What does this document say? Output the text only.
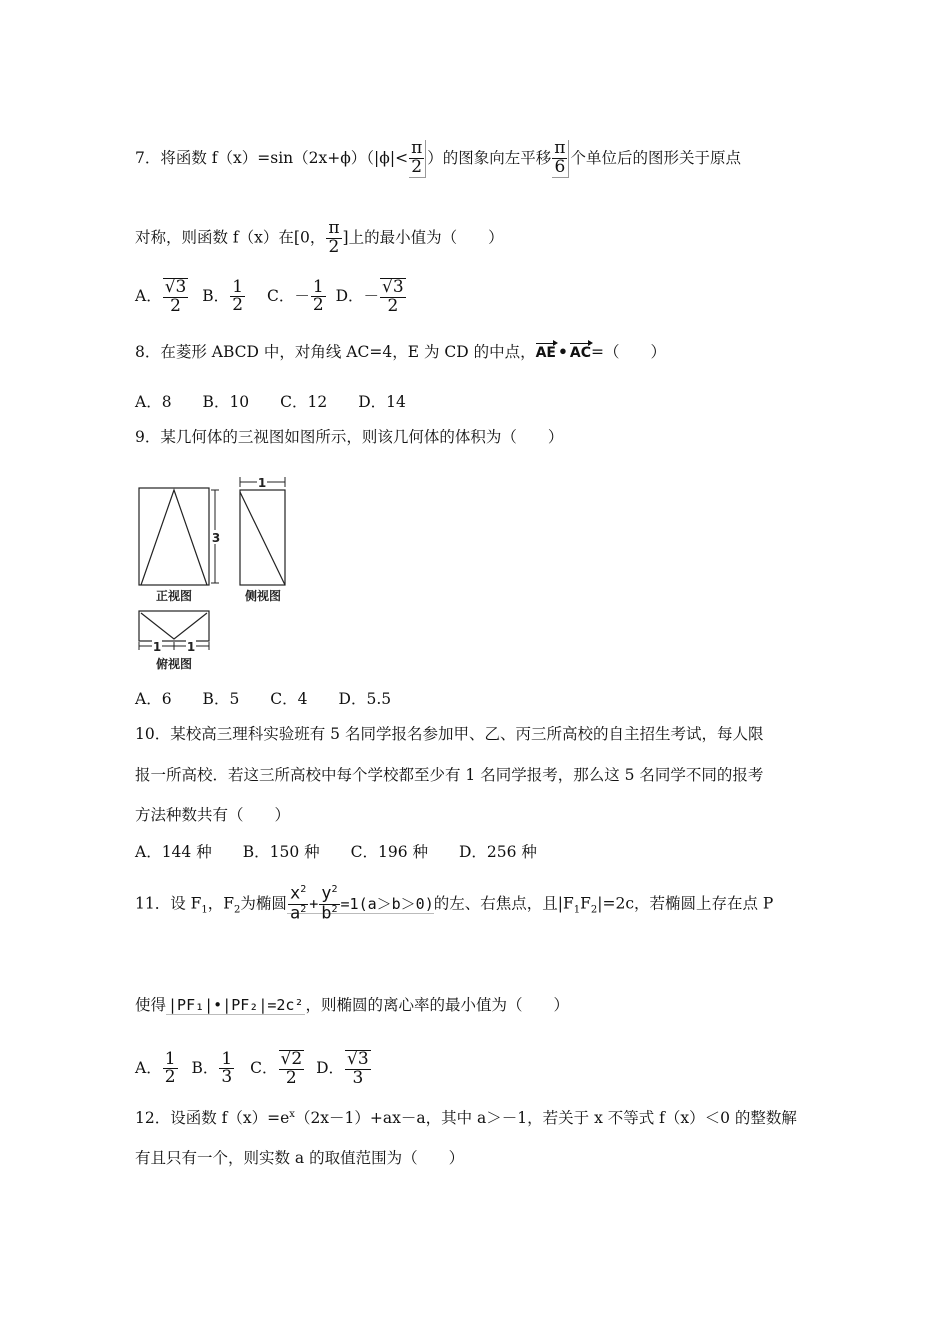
7．将函数 $f(x)=\sin(2x+\phi)(|\phi|< \frac{\pi}{2}$ ）的图象向左平移 $\frac{\pi}{6}$ 个单位后的图形关于原点
对称，则函数 f（x）在[0， $\frac{\pi}{2}$ ]上的最小值为（　　）
A． $\frac{√3}{2}$ B． $\frac{1}{2}$ C．－ $\frac{1}{2}$ D．－ $\frac{√3}{2}$
8．在菱形 ABCD 中，对角线 AC=4，E 为 CD 的中点，AE • AC=（　　）
A．8　　B．10　　C．12　　D．14
9．某几何体的三视图如图所示，则该几何体的体积为（　　）
3
1
正视图	侧视图
1 1
俯视图
A．6　　B．5　　C．4　　D．5.5
10．某校高三理科实验班有 5 名同学报名参加甲、乙、丙三所高校的自主招生考试，每人限
报一所高校．若这三所高校中每个学校都至少有 1 名同学报考，那么这 5 名同学不同的报考
方法种数共有（　　）
A．144 种　　B．150 种　　C．196 种　　D．256 种
11．设 $F_1$，$F_2$为椭圆 $\frac{x^2}{a^2} + \frac{y^2}{b^2} =1(a>b>0)$的左、右焦点，且$|F_1F_2|=2c$，若椭圆上存在点 P
使得 |PF₁|•|PF₂|=2c² ，则椭圆的离心率的最小值为（　　）
A． $\frac{1}{2}$ B． $\frac{1}{3}$ C． $\frac{√2}{2}$ D． $\frac{√3}{3}$
12．设函数 $f(x)=e^x(2x-1)+ax-a$，其中 a＞－1，若关于 x 不等式 f（x）＜0 的整数解
有且只有一个，则实数 a 的取值范围为（　　）
